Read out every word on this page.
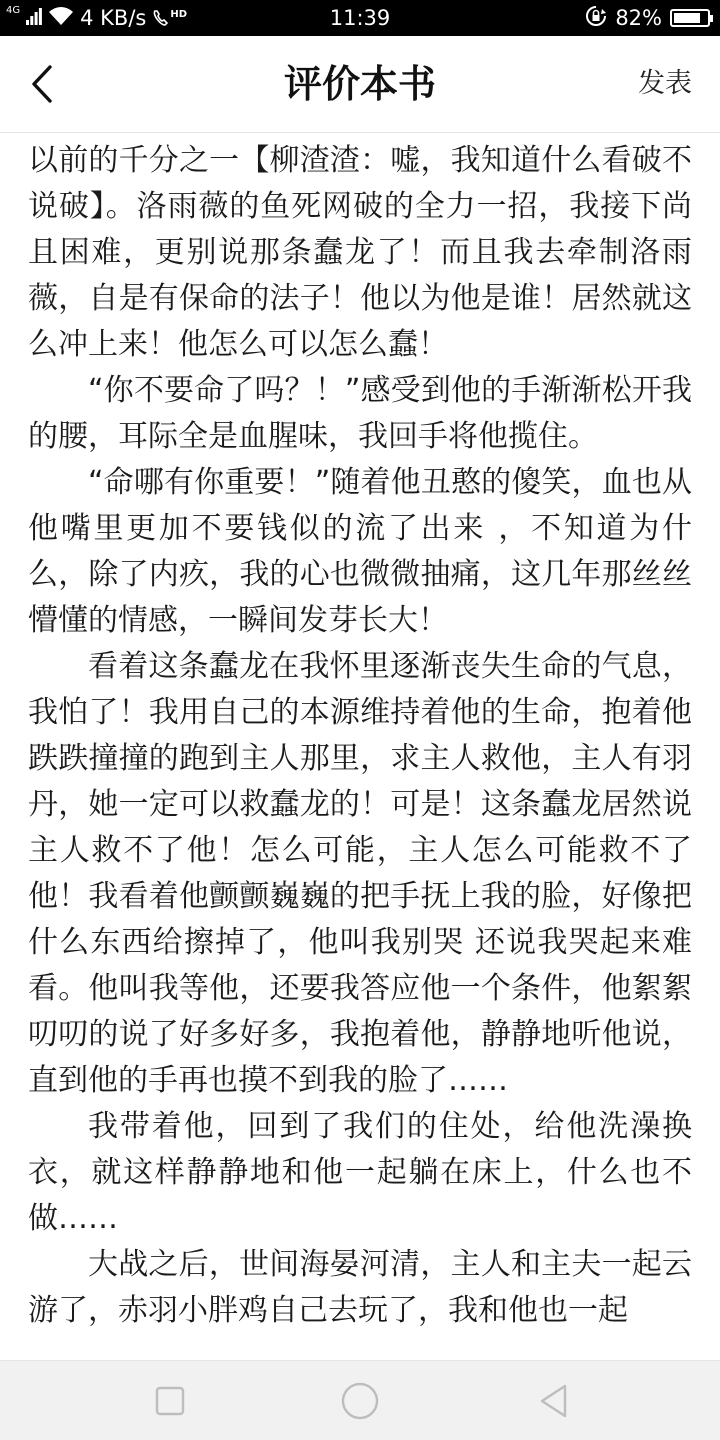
4G	4 KB/s HD	11:39	82%
评价本书	发表

以前的千分之一【柳渣渣：嘘，我知道什么看破不说破】。洛雨薇的鱼死网破的全力一招，我接下尚且困难，更别说那条蠢龙了！而且我去牵制洛雨薇，自是有保命的法子！他以为他是谁！居然就这么冲上来！他怎么可以怎么蠢！

“你不要命了吗？！”感受到他的手渐渐松开我的腰，耳际全是血腥味，我回手将他揽住。

“命哪有你重要！”随着他丑憨的傻笑，血也从他嘴里更加不要钱似的流了出来 ，不知道为什么，除了内疚，我的心也微微抽痛，这几年那丝丝懵懂的情感，一瞬间发芽长大！

看着这条蠢龙在我怀里逐渐丧失生命的气息，我怕了！我用自己的本源维持着他的生命，抱着他跌跌撞撞的跑到主人那里，求主人救他，主人有羽丹，她一定可以救蠢龙的！可是！这条蠢龙居然说主人救不了他！怎么可能，主人怎么可能救不了他！我看着他颤颤巍巍的把手抚上我的脸，好像把什么东西给擦掉了，他叫我别哭 还说我哭起来难看。他叫我等他，还要我答应他一个条件，他絮絮叨叨的说了好多好多，我抱着他，静静地听他说，直到他的手再也摸不到我的脸了……

我带着他，回到了我们的住处，给他洗澡换衣，就这样静静地和他一起躺在床上，什么也不做……

大战之后，世间海晏河清，主人和主夫一起云游了，赤羽小胖鸡自己去玩了，我和他也一起
